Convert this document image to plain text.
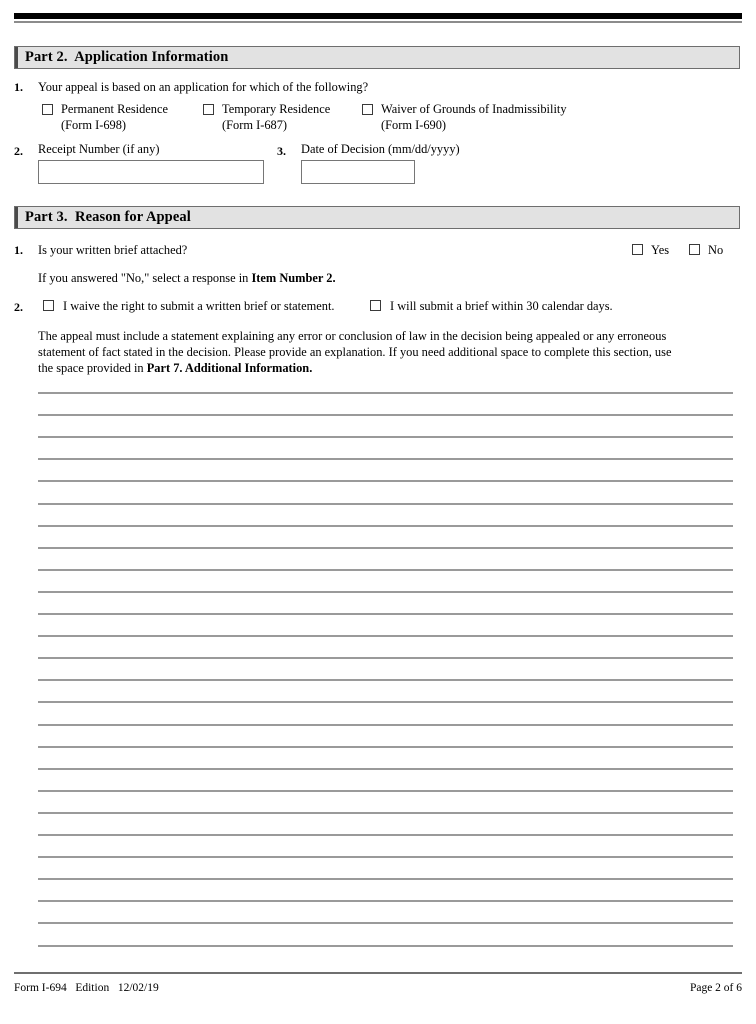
Part 2.  Application Information
1. Your appeal is based on an application for which of the following?
Permanent Residence
(Form I-698)
Temporary Residence
(Form I-687)
Waiver of Grounds of Inadmissibility
(Form I-690)
2. Receipt Number (if any)	3. Date of Decision (mm/dd/yyyy)
Part 3.  Reason for Appeal
1. Is your written brief attached?	Yes	No
If you answered "No," select a response in Item Number 2.
2.	I waive the right to submit a written brief or statement.	I will submit a brief within 30 calendar days.
The appeal must include a statement explaining any error or conclusion of law in the decision being appealed or any erroneous
statement of fact stated in the decision. Please provide an explanation. If you need additional space to complete this section, use
the space provided in Part 7. Additional Information.
Form I-694   Edition   12/02/19	Page 2 of 6
